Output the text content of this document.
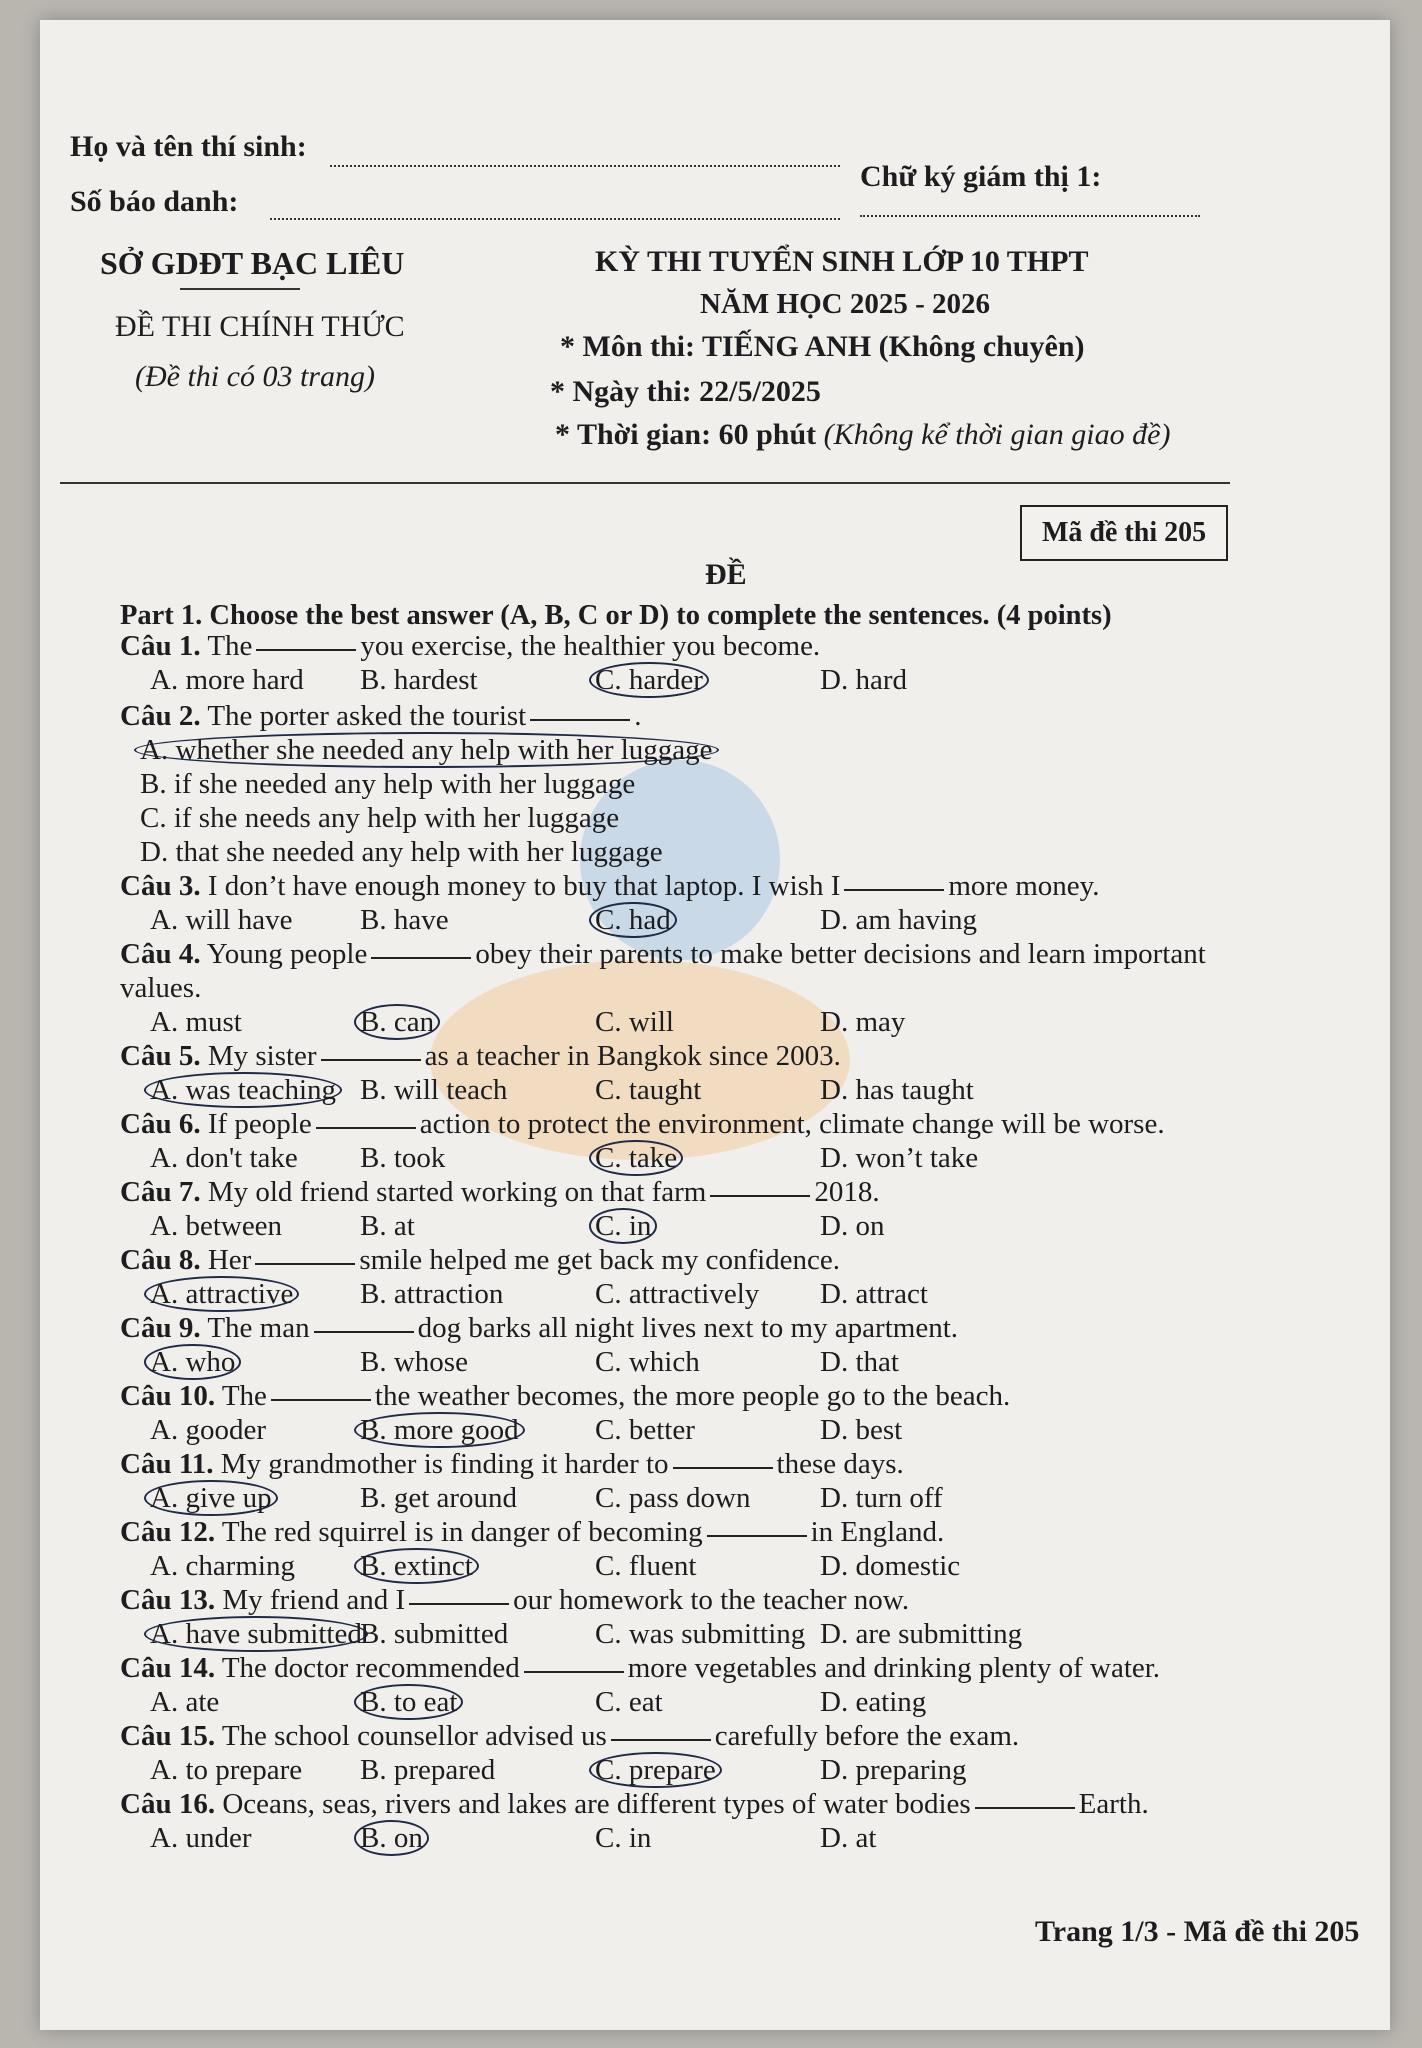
Họ và tên thí sinh:
Số báo danh:
Chữ ký giám thị 1:
SỞ GDĐT BẠC LIÊU
ĐỀ THI CHÍNH THỨC
(Đề thi có 03 trang)
KỲ THI TUYỂN SINH LỚP 10 THPT
NĂM HỌC 2025 - 2026
* Môn thi: TIẾNG ANH (Không chuyên)
* Ngày thi: 22/5/2025
* Thời gian: 60 phút (Không kể thời gian giao đề)
Mã đề thi 205
ĐỀ
Part 1. Choose the best answer (A, B, C or D) to complete the sentences. (4 points)
Câu 1. The	you exercise, the healthier you become.
A. more hard B. hardest	C. harder	D. hard
Câu 2. The porter asked the tourist	.
A. whether she needed any help with her luggage
B. if she needed any help with her luggage
C. if she needs any help with her luggage
D. that she needed any help with her luggage
Câu 3. I don’t have enough money to buy that laptop. I wish I	more money.
A. will have B. have	C. had	D. am having
Câu 4. Young people	obey their parents to make better decisions and learn important
values.
A. must	B. can	C. will	D. may
Câu 5. My sister	as a teacher in Bangkok since 2003.
A. was teaching B. will teach	C. taught	D. has taught
Câu 6. If people	action to protect the environment, climate change will be worse.
A. don't take B. took	C. take	D. won’t take
Câu 7. My old friend started working on that farm	2018.
A. between	B. at	C. in	D. on
Câu 8. Her	smile helped me get back my confidence.
A. attractive B. attraction	C. attractively D. attract
Câu 9. The man	dog barks all night lives next to my apartment.
A. who	B. whose	C. which	D. that
Câu 10. The	the weather becomes, the more people go to the beach.
A. gooder	B. more good	C. better	D. best
Câu 11. My grandmother is finding it harder to	these days.
A. give up	B. get around	C. pass down D. turn off
Câu 12. The red squirrel is in danger of becoming	in England.
A. charming B. extinct	C. fluent	D. domestic
Câu 13. My friend and I	our homework to the teacher now.
A. have submitted
B. submitted	C. was submitting D. are submitting
Câu 14. The doctor recommended	more vegetables and drinking plenty of water.
A. ate	B. to eat	C. eat	D. eating
Câu 15. The school counsellor advised us	carefully before the exam.
A. to prepare B. prepared	C. prepare	D. preparing
Câu 16. Oceans, seas, rivers and lakes are different types of water bodies	Earth.
A. under	B. on	C. in	D. at
Trang 1/3 - Mã đề thi 205
